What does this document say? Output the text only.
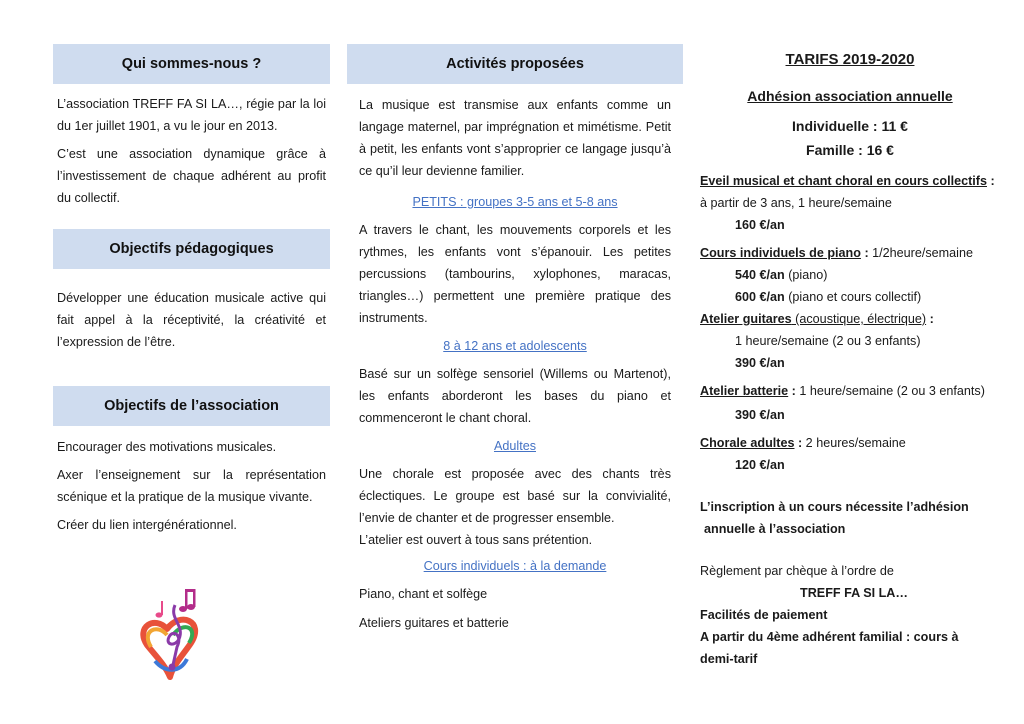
Qui sommes-nous ?

L’association TREFF FA SI LA…, régie par la loi du 1er juillet 1901, a vu le jour en 2013.

C’est une association dynamique grâce à l’investissement de chaque adhérent au profit du collectif.

Objectifs pédagogiques

Développer une éducation musicale active qui fait appel à la réceptivité, la créativité et l’expression de l’être.

Objectifs de l’association

Encourager des motivations musicales.

Axer l’enseignement sur la représentation scénique et la pratique de la musique vivante.

Créer du lien intergénérationnel.

Activités proposées

La musique est transmise aux enfants comme un langage maternel, par imprégnation et mimétisme. Petit à petit, les enfants vont s’approprier ce langage jusqu’à ce qu’il leur devienne familier.

PETITS : groupes 3-5 ans et 5-8 ans

A travers le chant, les mouvements corporels et les rythmes, les enfants vont s’épanouir. Les petites percussions (tambourins, xylophones, maracas, triangles…) permettent une première pratique des instruments.

8 à 12 ans et adolescents

Basé sur un solfège sensoriel (Willems ou Martenot), les enfants aborderont les bases du piano et commenceront le chant choral.

Adultes

Une chorale est proposée avec des chants très éclectiques. Le groupe est basé sur la convivialité, l’envie de chanter et de progresser ensemble.

L’atelier est ouvert à tous sans prétention.

Cours individuels : à la demande

Piano, chant et solfège

Ateliers guitares et batterie

TARIFS 2019-2020
Adhésion association annuelle
Individuelle : 11 €
Famille : 16 €
Eveil musical et chant choral en cours collectifs :
à partir de 3 ans, 1 heure/semaine
160 €/an
Cours individuels de piano : 1/2heure/semaine
540 €/an (piano)
600 €/an (piano et cours collectif)
Atelier guitares (acoustique, électrique) :
1 heure/semaine (2 ou 3 enfants)
390 €/an
Atelier batterie : 1 heure/semaine (2 ou 3 enfants)
390 €/an
Chorale adultes : 2 heures/semaine
120 €/an
L’inscription à un cours nécessite l’adhésion
annuelle à l’association
Règlement par chèque à l’ordre de
TREFF FA SI LA…
Facilités de paiement
A partir du 4ème adhérent familial : cours à
demi-tarif
